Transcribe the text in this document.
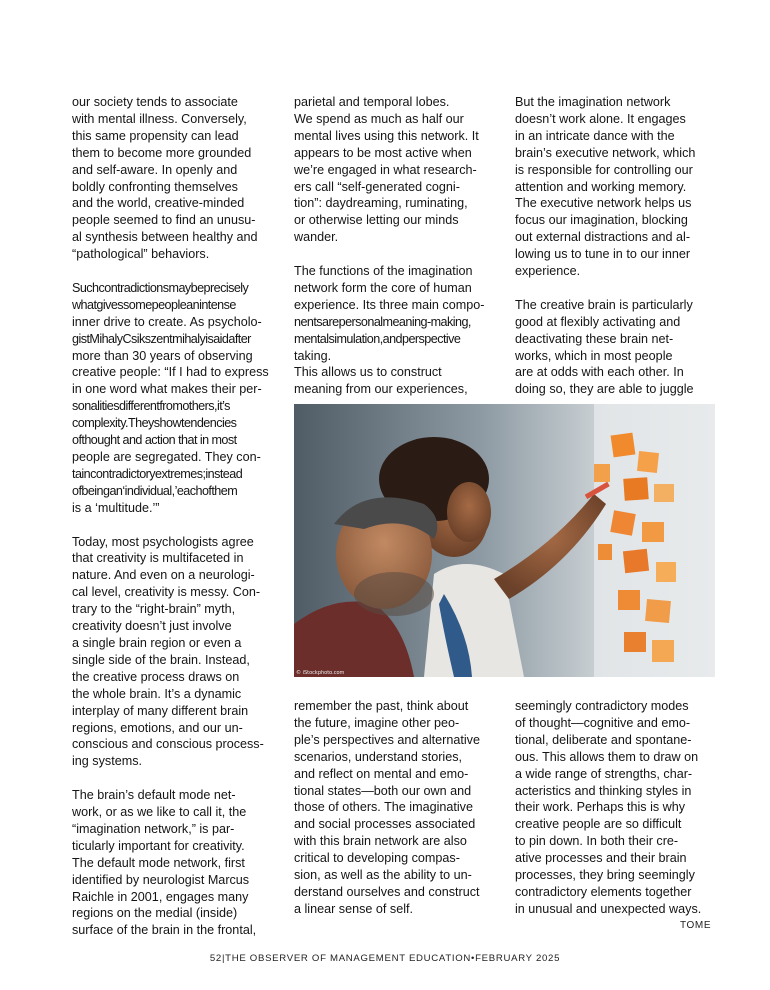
our society tends to associate
with mental illness. Conversely,
this same propensity can lead
them to become more grounded
and self-aware. In openly and
boldly confronting themselves
and the world, creative-minded
people seemed to find an unusu-
al synthesis between healthy and
“pathological” behaviors.

Suchcontradictionsmaybeprecisely
whatgivessomepeopleanintense
inner drive to create. As psycholo-
gistMihalyCsikszentmihalyisaidafter
more than 30 years of observing
creative people: “If I had to express
in one word what makes their per-
sonalitiesdifferentfromothers,it’s
complexity.Theyshowtendencies
ofthought and action that in most
people are segregated. They con-
taincontradictoryextremes;instead
ofbeingan‘individual,’eachofthem
is a ‘multitude.’”

Today, most psychologists agree
that creativity is multifaceted in
nature. And even on a neurologi-
cal level, creativity is messy. Con-
trary to the “right-brain” myth,
creativity doesn’t just involve
a single brain region or even a
single side of the brain. Instead,
the creative process draws on
the whole brain. It’s a dynamic
interplay of many different brain
regions, emotions, and our un-
conscious and conscious process-
ing systems.

The brain’s default mode net-
work, or as we like to call it, the
“imagination network,” is par-
ticularly important for creativity.
The default mode network, first
identified by neurologist Marcus
Raichle in 2001, engages many
regions on the medial (inside)
surface of the brain in the frontal,

parietal and temporal lobes.
We spend as much as half our
mental lives using this network. It
appears to be most active when
we’re engaged in what research-
ers call “self-generated cogni-
tion”: daydreaming, ruminating,
or otherwise letting our minds
wander.

The functions of the imagination
network form the core of human
experience. Its three main compo-
nentsarepersonalmeaning-making,
mentalsimulation,andperspective
taking.
This allows us to construct
meaning from our experiences,

But the imagination network
doesn’t work alone. It engages
in an intricate dance with the
brain’s executive network, which
is responsible for controlling our
attention and working memory.
The executive network helps us
focus our imagination, blocking
out external distractions and al-
lowing us to tune in to our inner
experience.

The creative brain is particularly
good at flexibly activating and
deactivating these brain net-
works, which in most people
are at odds with each other. In
doing so, they are able to juggle

© iStockphoto.com

remember the past, think about
the future, imagine other peo-
ple’s perspectives and alternative
scenarios, understand stories,
and reflect on mental and emo-
tional states—both our own and
those of others. The imaginative
and social processes associated
with this brain network are also
critical to developing compas-
sion, as well as the ability to un-
derstand ourselves and construct
a linear sense of self.

seemingly contradictory modes
of thought—cognitive and emo-
tional, deliberate and spontane-
ous. This allows them to draw on
a wide range of strengths, char-
acteristics and thinking styles in
their work. Perhaps this is why
creative people are so difficult
to pin down. In both their cre-
ative processes and their brain
processes, they bring seemingly
contradictory elements together
in unusual and unexpected ways.

TOME
52|THE OBSERVER OF MANAGEMENT EDUCATION•FEBRUARY 2025
